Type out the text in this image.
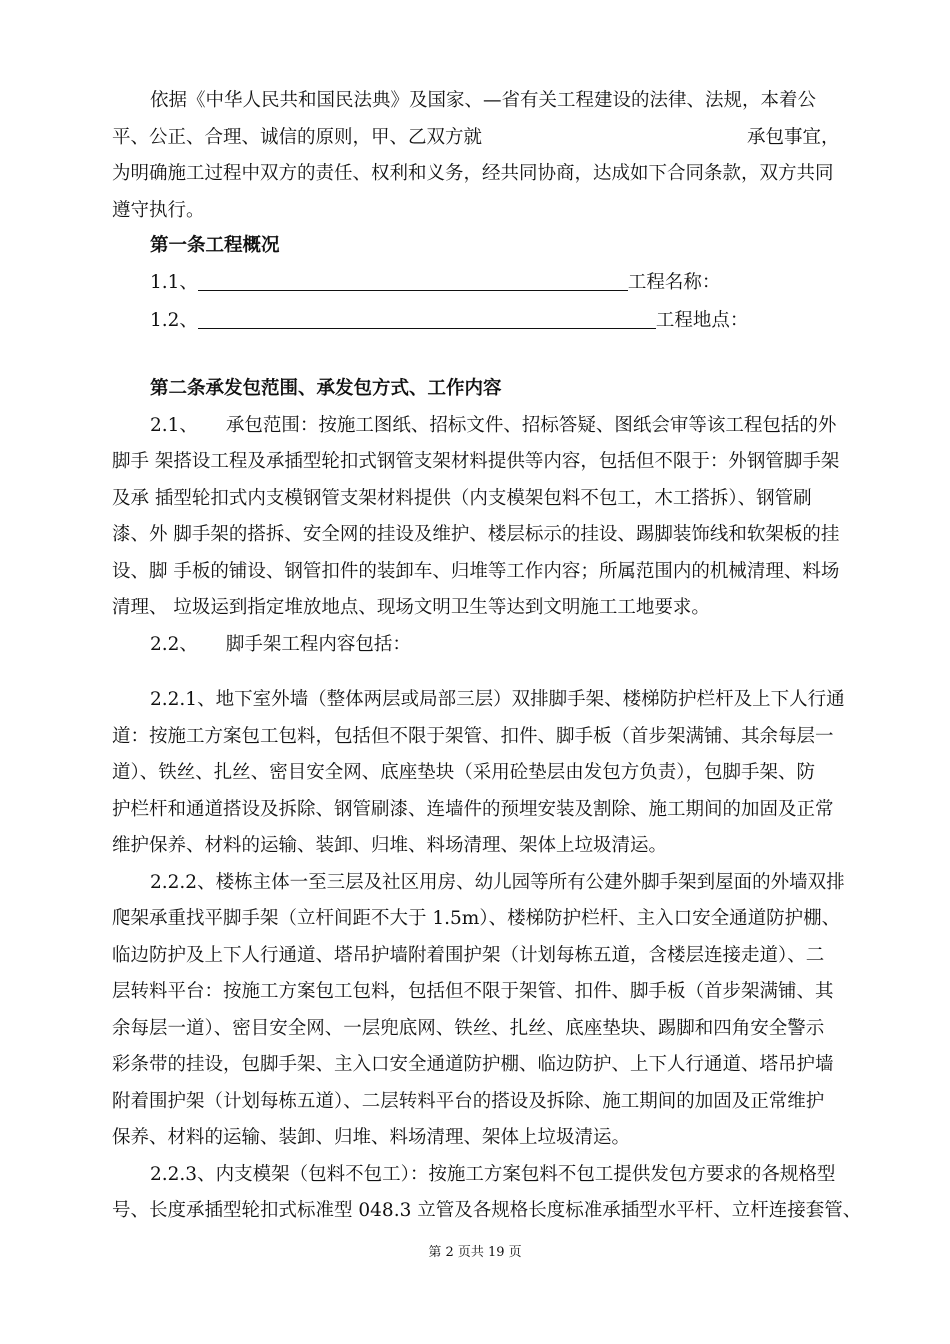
依据《中华人民共和国民法典》及国家、—省有关工程建设的法律、法规，本着公
平、公正、合理、诚信的原则，甲、乙双方就	承包事宜，
为明确施工过程中双方的责任、权利和义务，经共同协商，达成如下合同条款，双方共同
遵守执行。
第一条工程概况
1.1、	工程名称：
1.2、	工程地点：
第二条承发包范围、承发包方式、工作内容
2.1、 承包范围：按施工图纸、招标文件、招标答疑、图纸会审等该工程包括的外
脚手 架搭设工程及承插型轮扣式钢管支架材料提供等内容，包括但不限于：外钢管脚手架
及承 插型轮扣式内支模钢管支架材料提供（内支模架包料不包工，木工搭拆）、钢管刷
漆、外 脚手架的搭拆、安全网的挂设及维护、楼层标示的挂设、踢脚装饰线和软架板的挂
设、脚 手板的铺设、钢管扣件的装卸车、归堆等工作内容；所属范围内的机械清理、料场
清理、 垃圾运到指定堆放地点、现场文明卫生等达到文明施工工地要求。
2.2、 脚手架工程内容包括：
2.2.1、地下室外墙（整体两层或局部三层）双排脚手架、楼梯防护栏杆及上下人行通
道：按施工方案包工包料，包括但不限于架管、扣件、脚手板（首步架满铺、其余每层一
道）、铁丝、扎丝、密目安全网、底座垫块（采用砼垫层由发包方负责），包脚手架、防
护栏杆和通道搭设及拆除、钢管刷漆、连墙件的预埋安装及割除、施工期间的加固及正常
维护保养、材料的运输、装卸、归堆、料场清理、架体上垃圾清运。
2.2.2、楼栋主体一至三层及社区用房、幼儿园等所有公建外脚手架到屋面的外墙双排
爬架承重找平脚手架（立杆间距不大于 1.5m）、楼梯防护栏杆、主入口安全通道防护棚、
临边防护及上下人行通道、塔吊护墙附着围护架（计划每栋五道，含楼层连接走道）、二
层转料平台：按施工方案包工包料，包括但不限于架管、扣件、脚手板（首步架满铺、其
余每层一道）、密目安全网、一层兜底网、铁丝、扎丝、底座垫块、踢脚和四角安全警示
彩条带的挂设，包脚手架、主入口安全通道防护棚、临边防护、上下人行通道、塔吊护墙
附着围护架（计划每栋五道）、二层转料平台的搭设及拆除、施工期间的加固及正常维护
保养、材料的运输、装卸、归堆、料场清理、架体上垃圾清运。
2.2.3、内支模架（包料不包工）：按施工方案包料不包工提供发包方要求的各规格型
号、长度承插型轮扣式标准型 048.3 立管及各规格长度标准承插型水平杆、立杆连接套管、
第 2 页共 19 页
